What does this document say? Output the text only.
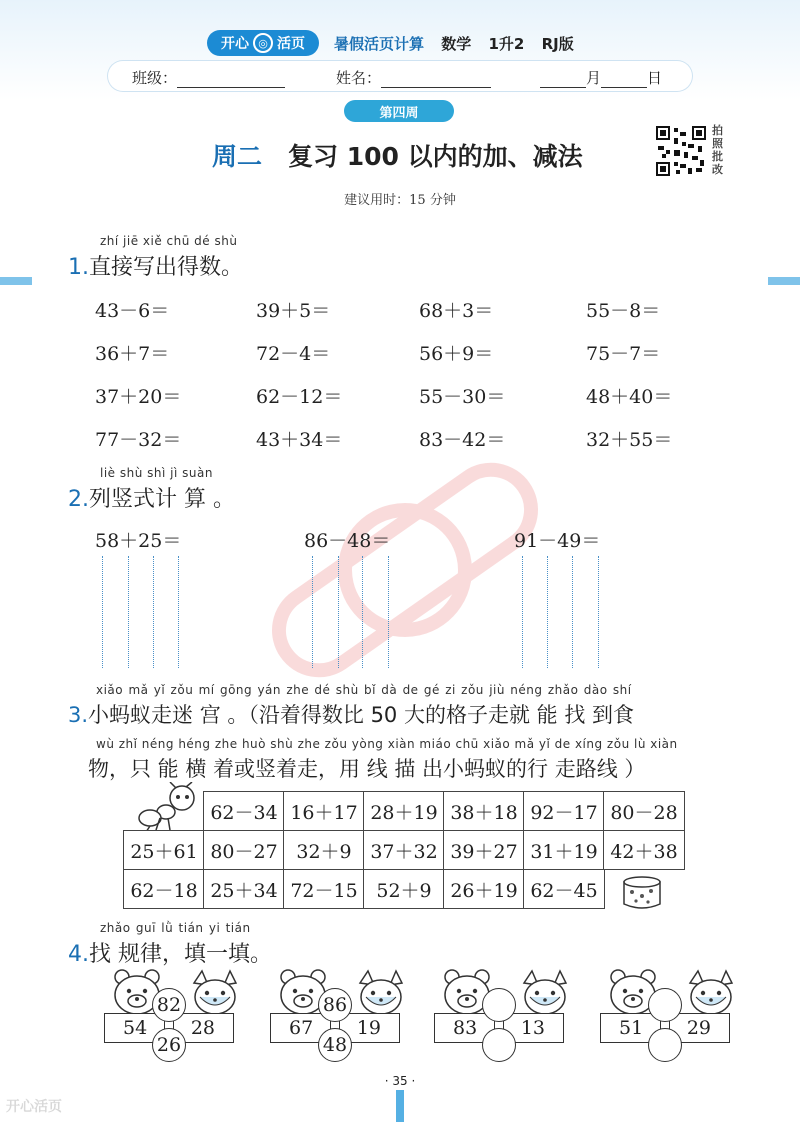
开心 ◎ 活页 暑假活页计算 数学 1升2 RJ版
班级：	姓名：	月	日
第四周
周二 复习 100 以内的加、减法
拍
照
批
改
建议用时：15 分钟
zhí jiē xiě chū dé shù
1.直接写出得数。
43－6＝	39＋5＝	68＋3＝	55－8＝
36＋7＝	72－4＝	56＋9＝	75－7＝
37＋20＝	62－12＝	55－30＝	48＋40＝
77－32＝	43＋34＝	83－42＝	32＋55＝
liè shù shì jì suàn
2.列竖式计 算 。
58＋25＝	86－48＝	91－49＝
xiǎo mǎ yǐ zǒu mí gōng yán zhe dé shù bǐ dà de gé zi zǒu jiù néng zhǎo dào shí
3.小蚂蚁走迷 宫 。（沿着得数比 50 大的格子走就 能 找 到食
wù zhǐ néng héng zhe huò shù zhe zǒu yòng xiàn miáo chū xiǎo mǎ yǐ de xíng zǒu lù xiàn
物，只 能 横 着或竖着走，用 线 描 出小蚂蚁的行 走路线 ）
62－34 16＋17 28＋19 38＋18 92－17 80－28
25＋61 80－27 32＋9 37＋32 39＋27 31＋19 42＋38
62－18 25＋34 72－15 52＋9 26＋19 62－45
zhǎo guī lǜ tián yi tián
4.找 规律，填一填。
54 28
82
26
67 19
86
48
83 13	51 29
· 35 ·
开心活页
